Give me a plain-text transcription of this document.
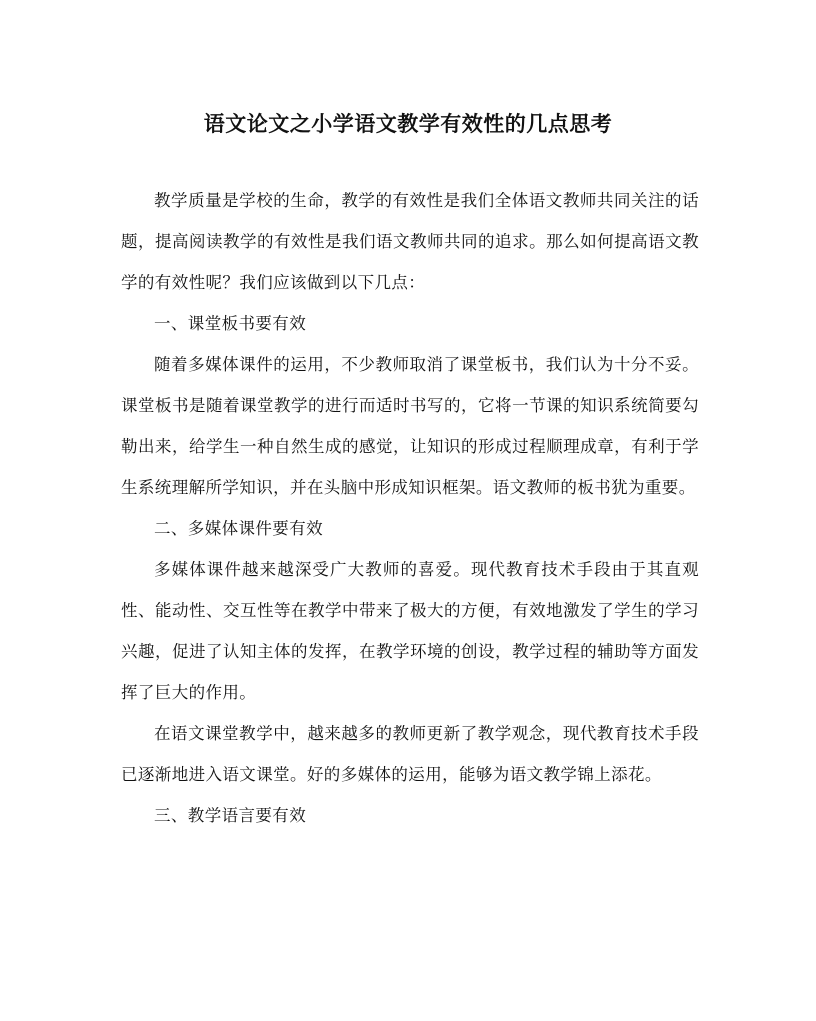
语文论文之小学语文教学有效性的几点思考

教学质量是学校的生命，教学的有效性是我们全体语文教师共同关注的话题，提高阅读教学的有效性是我们语文教师共同的追求。那么如何提高语文教学的有效性呢？我们应该做到以下几点：

一、课堂板书要有效

随着多媒体课件的运用，不少教师取消了课堂板书，我们认为十分不妥。课堂板书是随着课堂教学的进行而适时书写的，它将一节课的知识系统简要勾勒出来，给学生一种自然生成的感觉，让知识的形成过程顺理成章，有利于学生系统理解所学知识，并在头脑中形成知识框架。语文教师的板书犹为重要。

二、多媒体课件要有效

多媒体课件越来越深受广大教师的喜爱。现代教育技术手段由于其直观性、能动性、交互性等在教学中带来了极大的方便，有效地激发了学生的学习兴趣，促进了认知主体的发挥，在教学环境的创设，教学过程的辅助等方面发挥了巨大的作用。

在语文课堂教学中，越来越多的教师更新了教学观念，现代教育技术手段已逐渐地进入语文课堂。好的多媒体的运用，能够为语文教学锦上添花。

三、教学语言要有效
